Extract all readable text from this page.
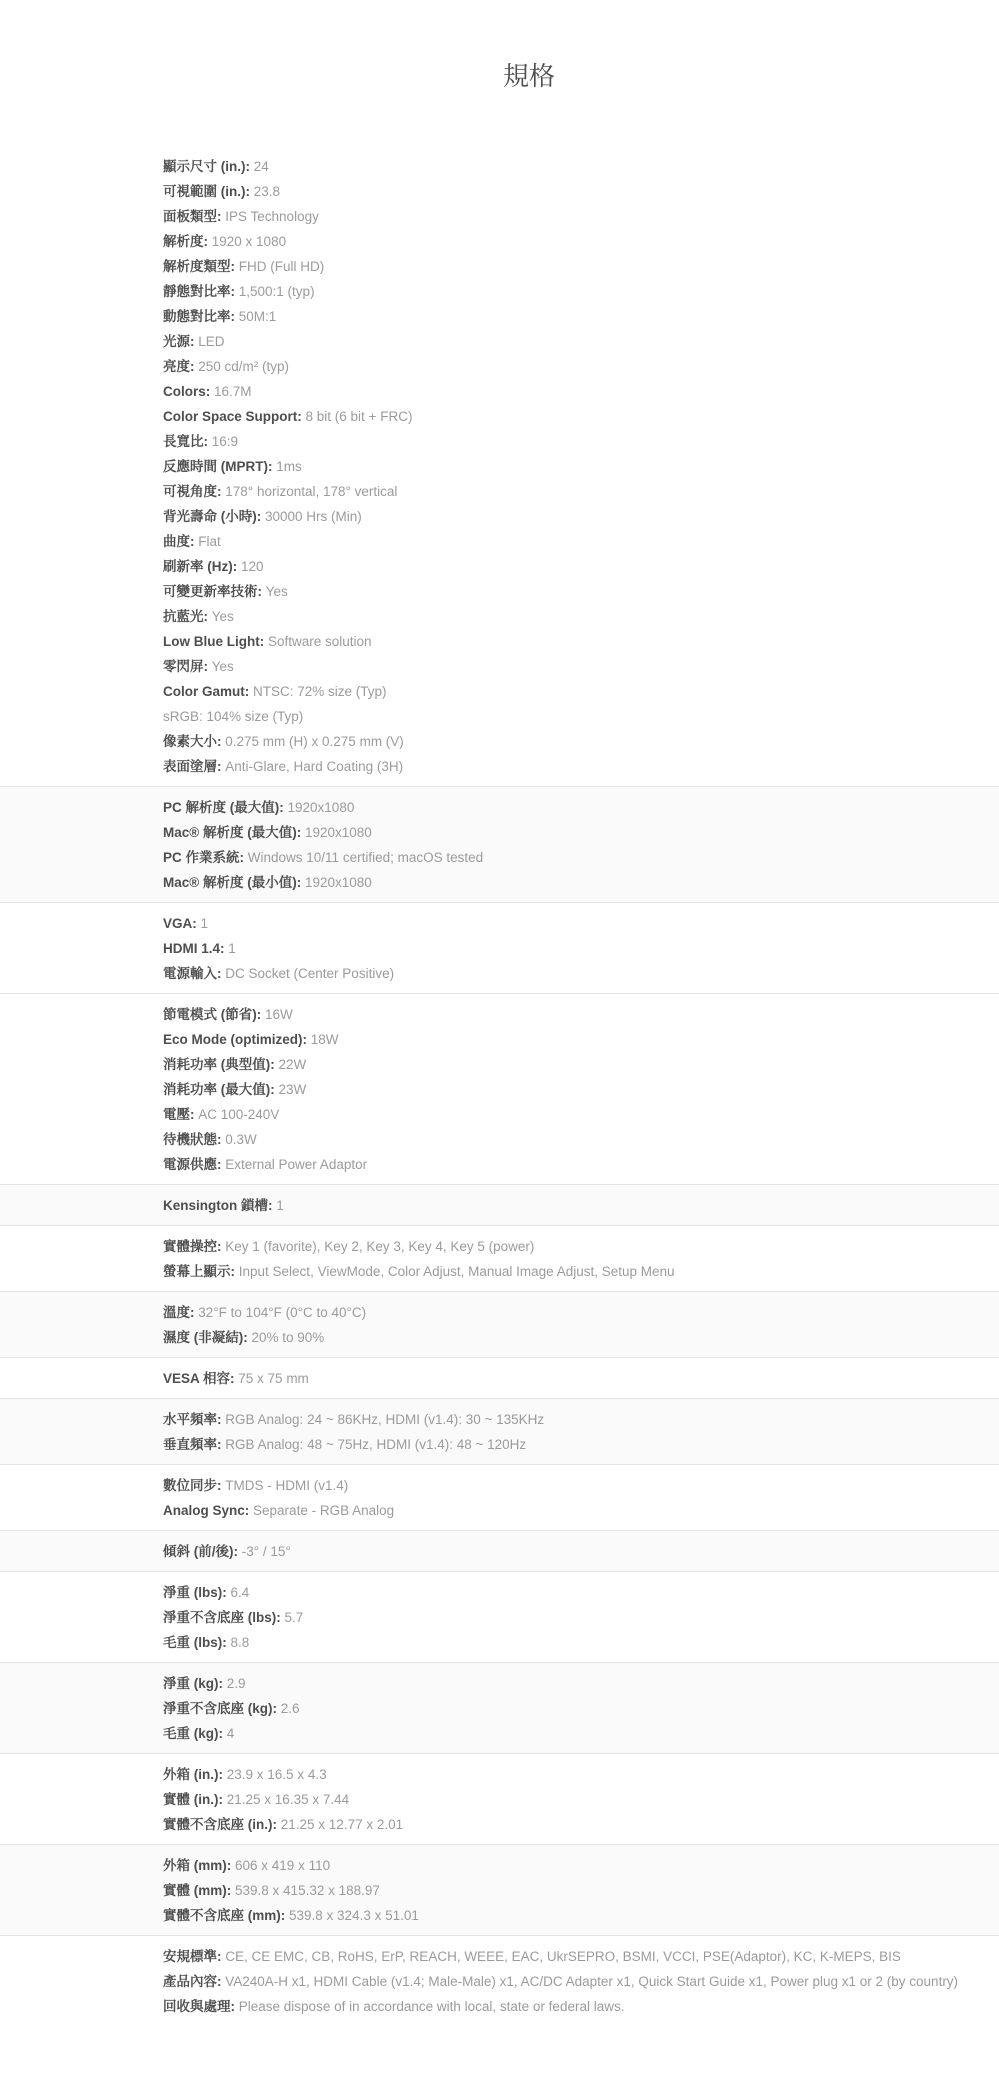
規格

顯示尺寸 (in.): 24

可視範圍 (in.): 23.8

面板類型: IPS Technology

解析度: 1920 x 1080

解析度類型: FHD (Full HD)

靜態對比率: 1,500:1 (typ)

動態對比率: 50M:1

光源: LED

亮度: 250 cd/m² (typ)

Colors: 16.7M

Color Space Support: 8 bit (6 bit + FRC)

長寬比: 16:9

反應時間 (MPRT): 1ms

可視角度: 178° horizontal, 178° vertical

背光壽命 (小時): 30000 Hrs (Min)

曲度: Flat

刷新率 (Hz): 120

可變更新率技術: Yes

抗藍光: Yes

Low Blue Light: Software solution

零閃屏: Yes

Color Gamut: NTSC: 72% size (Typ)

sRGB: 104% size (Typ)

像素大小: 0.275 mm (H) x 0.275 mm (V)

表面塗層: Anti-Glare, Hard Coating (3H)

PC 解析度 (最大值): 1920x1080

Mac® 解析度 (最大值): 1920x1080

PC 作業系統: Windows 10/11 certified; macOS tested

Mac® 解析度 (最小值): 1920x1080

VGA: 1

HDMI 1.4: 1

電源輸入: DC Socket (Center Positive)

節電模式 (節省): 16W

Eco Mode (optimized): 18W

消耗功率 (典型值): 22W

消耗功率 (最大值): 23W

電壓: AC 100-240V

待機狀態: 0.3W

電源供應: External Power Adaptor

Kensington 鎖槽: 1

實體操控: Key 1 (favorite), Key 2, Key 3, Key 4, Key 5 (power)

螢幕上顯示: Input Select, ViewMode, Color Adjust, Manual Image Adjust, Setup Menu

溫度: 32°F to 104°F (0°C to 40°C)

濕度 (非凝結): 20% to 90%

VESA 相容: 75 x 75 mm

水平頻率: RGB Analog: 24 ~ 86KHz, HDMI (v1.4): 30 ~ 135KHz

垂直頻率: RGB Analog: 48 ~ 75Hz, HDMI (v1.4): 48 ~ 120Hz

數位同步: TMDS - HDMI (v1.4)

Analog Sync: Separate - RGB Analog

傾斜 (前/後): -3° / 15°

淨重 (lbs): 6.4

淨重不含底座 (lbs): 5.7

毛重 (lbs): 8.8

淨重 (kg): 2.9

淨重不含底座 (kg): 2.6

毛重 (kg): 4

外箱 (in.): 23.9 x 16.5 x 4.3

實體 (in.): 21.25 x 16.35 x 7.44

實體不含底座 (in.): 21.25 x 12.77 x 2.01

外箱 (mm): 606 x 419 x 110

實體 (mm): 539.8 x 415.32 x 188.97

實體不含底座 (mm): 539.8 x 324.3 x 51.01

安規標準: CE, CE EMC, CB, RoHS, ErP, REACH, WEEE, EAC, UkrSEPRO, BSMI, VCCI, PSE(Adaptor), KC, K-MEPS, BIS

產品內容: VA240A-H x1, HDMI Cable (v1.4; Male-Male) x1, AC/DC Adapter x1, Quick Start Guide x1, Power plug x1 or 2 (by country)

回收與處理: Please dispose of in accordance with local, state or federal laws.
